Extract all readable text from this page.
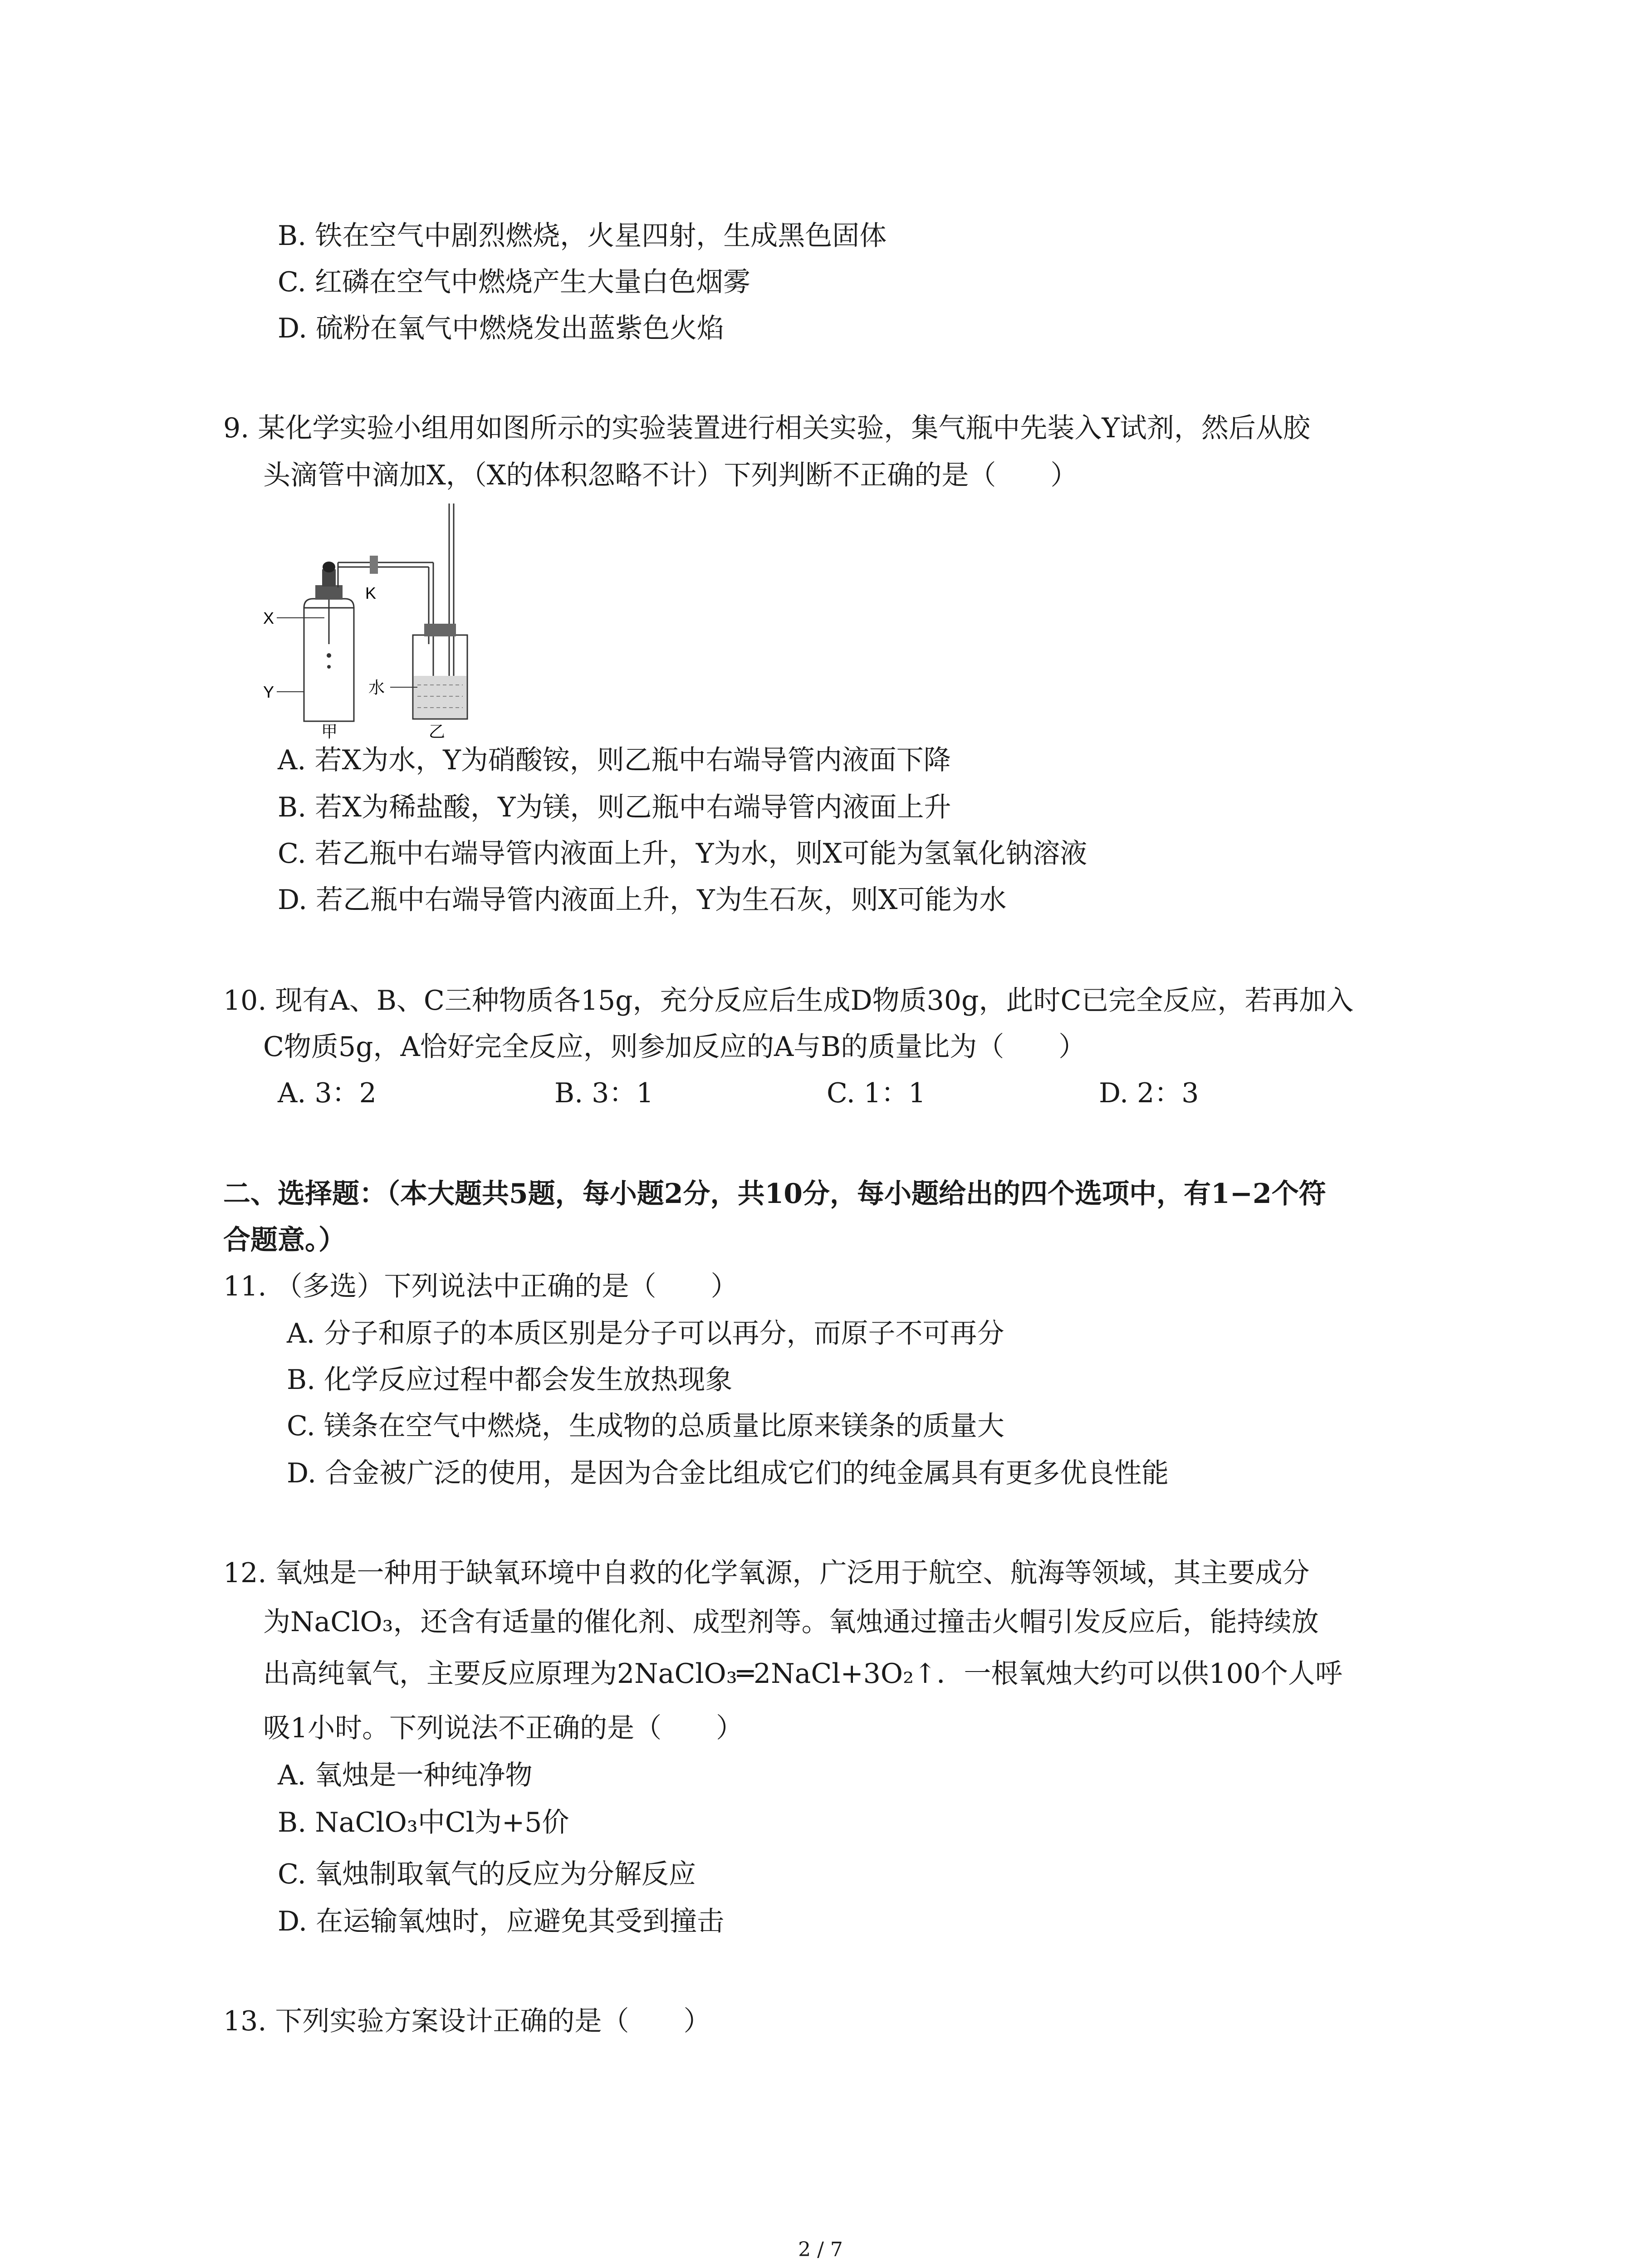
B. 铁在空气中剧烈燃烧，火星四射，生成黑色固体
C. 红磷在空气中燃烧产生大量白色烟雾
D. 硫粉在氧气中燃烧发出蓝紫色火焰
9. 某化学实验小组用如图所示的实验装置进行相关实验，集气瓶中先装入Y试剂，然后从胶
头滴管中滴加X，（X的体积忽略不计）下列判断不正确的是（　　）
X
Y
K
水
甲	乙
A. 若X为水，Y为硝酸铵，则乙瓶中右端导管内液面下降
B. 若X为稀盐酸，Y为镁，则乙瓶中右端导管内液面上升
C. 若乙瓶中右端导管内液面上升，Y为水，则X可能为氢氧化钠溶液
D. 若乙瓶中右端导管内液面上升，Y为生石灰，则X可能为水
10. 现有A、B、C三种物质各15g，充分反应后生成D物质30g，此时C已完全反应，若再加入
C物质5g，A恰好完全反应，则参加反应的A与B的质量比为（　　）
A. 3：2	B. 3：1	C. 1：1	D. 2：3
二、选择题：（本大题共5题，每小题2分，共10分，每小题给出的四个选项中，有1−2个符
合题意。）
11. （多选）下列说法中正确的是（　　）
A. 分子和原子的本质区别是分子可以再分，而原子不可再分
B. 化学反应过程中都会发生放热现象
C. 镁条在空气中燃烧，生成物的总质量比原来镁条的质量大
D. 合金被广泛的使用，是因为合金比组成它们的纯金属具有更多优良性能
12. 氧烛是一种用于缺氧环境中自救的化学氧源，广泛用于航空、航海等领域，其主要成分
为NaClO₃，还含有适量的催化剂、成型剂等。氧烛通过撞击火帽引发反应后，能持续放
出高纯氧气，主要反应原理为2NaClO₃═2NaCl+3O₂↑．一根氧烛大约可以供100个人呼
吸1小时。下列说法不正确的是（　　）
A. 氧烛是一种纯净物
B. NaClO₃中Cl为+5价
C. 氧烛制取氧气的反应为分解反应
D. 在运输氧烛时，应避免其受到撞击
13. 下列实验方案设计正确的是（　　）
2 / 7
